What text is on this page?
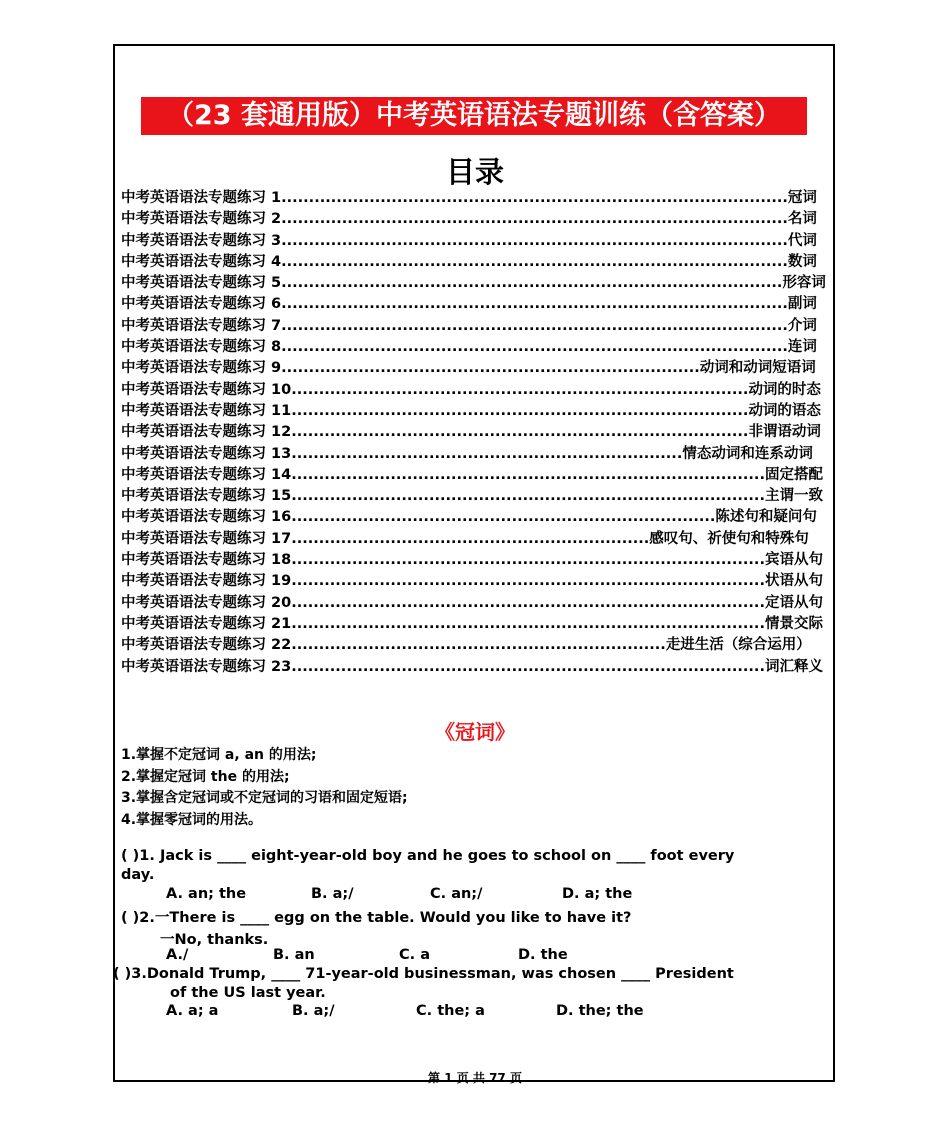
（23 套通用版）中考英语语法专题训练（含答案）
目录
中考英语语法专题练习 1 ............................................................................................ 冠词
中考英语语法专题练习 2 ............................................................................................ 名词
中考英语语法专题练习 3 ............................................................................................ 代词
中考英语语法专题练习 4 ............................................................................................ 数词
中考英语语法专题练习 5 ........................................................................................... 形容词
中考英语语法专题练习 6 ............................................................................................ 副词
中考英语语法专题练习 7 ............................................................................................ 介词
中考英语语法专题练习 8 ............................................................................................ 连词
中考英语语法专题练习 9 ............................................................................ 动词和动词短语词
中考英语语法专题练习 10 ................................................................................... 动词的时态
中考英语语法专题练习 11 ................................................................................... 动词的语态
中考英语语法专题练习 12 ................................................................................... 非谓语动词
中考英语语法专题练习 13 ....................................................................... 情态动词和连系动词
中考英语语法专题练习 14 ...................................................................................... 固定搭配
中考英语语法专题练习 15 ...................................................................................... 主谓一致
中考英语语法专题练习 16 ............................................................................. 陈述句和疑问句
中考英语语法专题练习 17 ................................................................. 感叹句、祈使句和特殊句
中考英语语法专题练习 18 ...................................................................................... 宾语从句
中考英语语法专题练习 19 ...................................................................................... 状语从句
中考英语语法专题练习 20 ...................................................................................... 定语从句
中考英语语法专题练习 21 ...................................................................................... 情景交际
中考英语语法专题练习 22 .................................................................... 走进生活（综合运用）
中考英语语法专题练习 23 ...................................................................................... 词汇释义
《冠词》
1.掌握不定冠词 a, an 的用法;
2.掌握定冠词 the 的用法;
3.掌握含定冠词或不定冠词的习语和固定短语;
4.掌握零冠词的用法。
( )1. Jack is ____ eight-year-old boy and he goes to school on ____ foot every
day.
A. an; the	B. a;/	C. an;/	D. a; the
( )2.一There is ____ egg on the table. Would you like to have it?
一No, thanks.
A./	B. an	C. a	D. the
( )3.Donald Trump, ____ 71-year-old businessman, was chosen ____ President
of the US last year.
A. a; a	B. a;/	C. the; a	D. the; the
第 1 页 共 77 页
